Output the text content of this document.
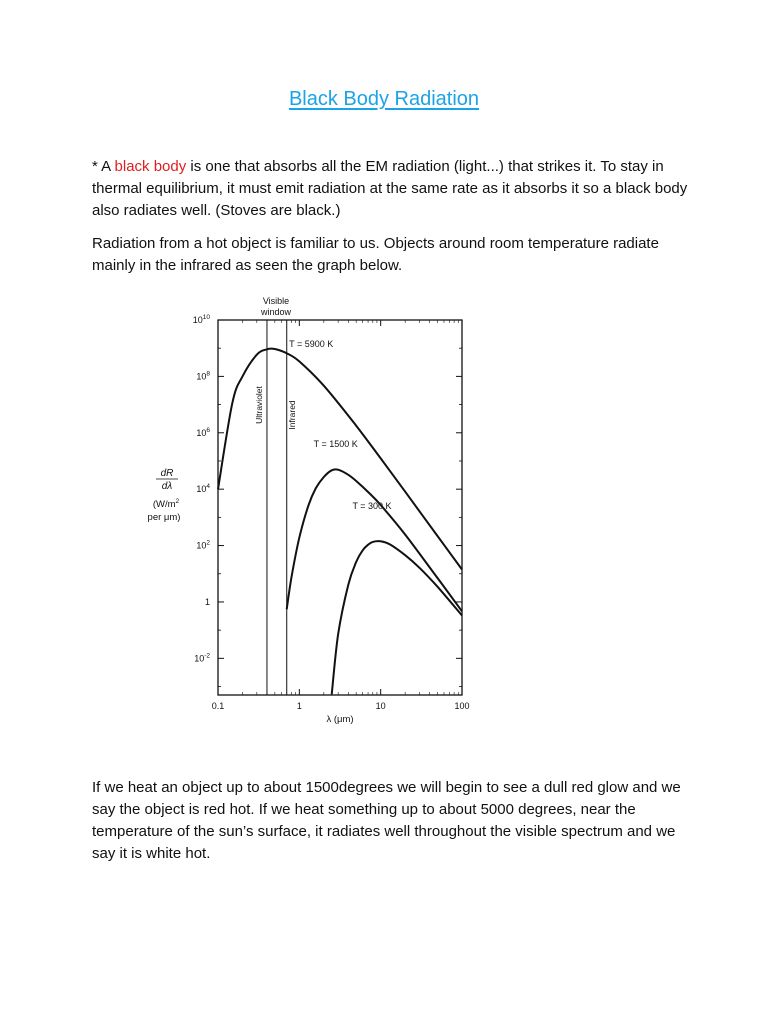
Black Body Radiation

* A black body is one that absorbs all the EM radiation (light...) that strikes it. To stay in thermal equilibrium, it must emit radiation at the same rate as it absorbs it so a black body also radiates well. (Stoves are black.)

Radiation from a hot object is familiar to us. Objects around room temperature radiate mainly in the infrared as seen the graph below.

Visible
window
Ultraviolet	Infrared
dR
dλ
($W/m^2$
per μm)
λ (μm)
$10^{10}$
$10^8$
$10^6$
$10^4$
$10^2$
1
$10^{-2}$
0.1	1	10	100
T = 5900 K
T = 1500 K
T = 300 K

If we heat an object up to about 1500degrees we will begin to see a dull red glow and we say the object is red hot. If we heat something up to about 5000 degrees, near the temperature of the sun’s surface, it radiates well throughout the visible spectrum and we say it is white hot.
